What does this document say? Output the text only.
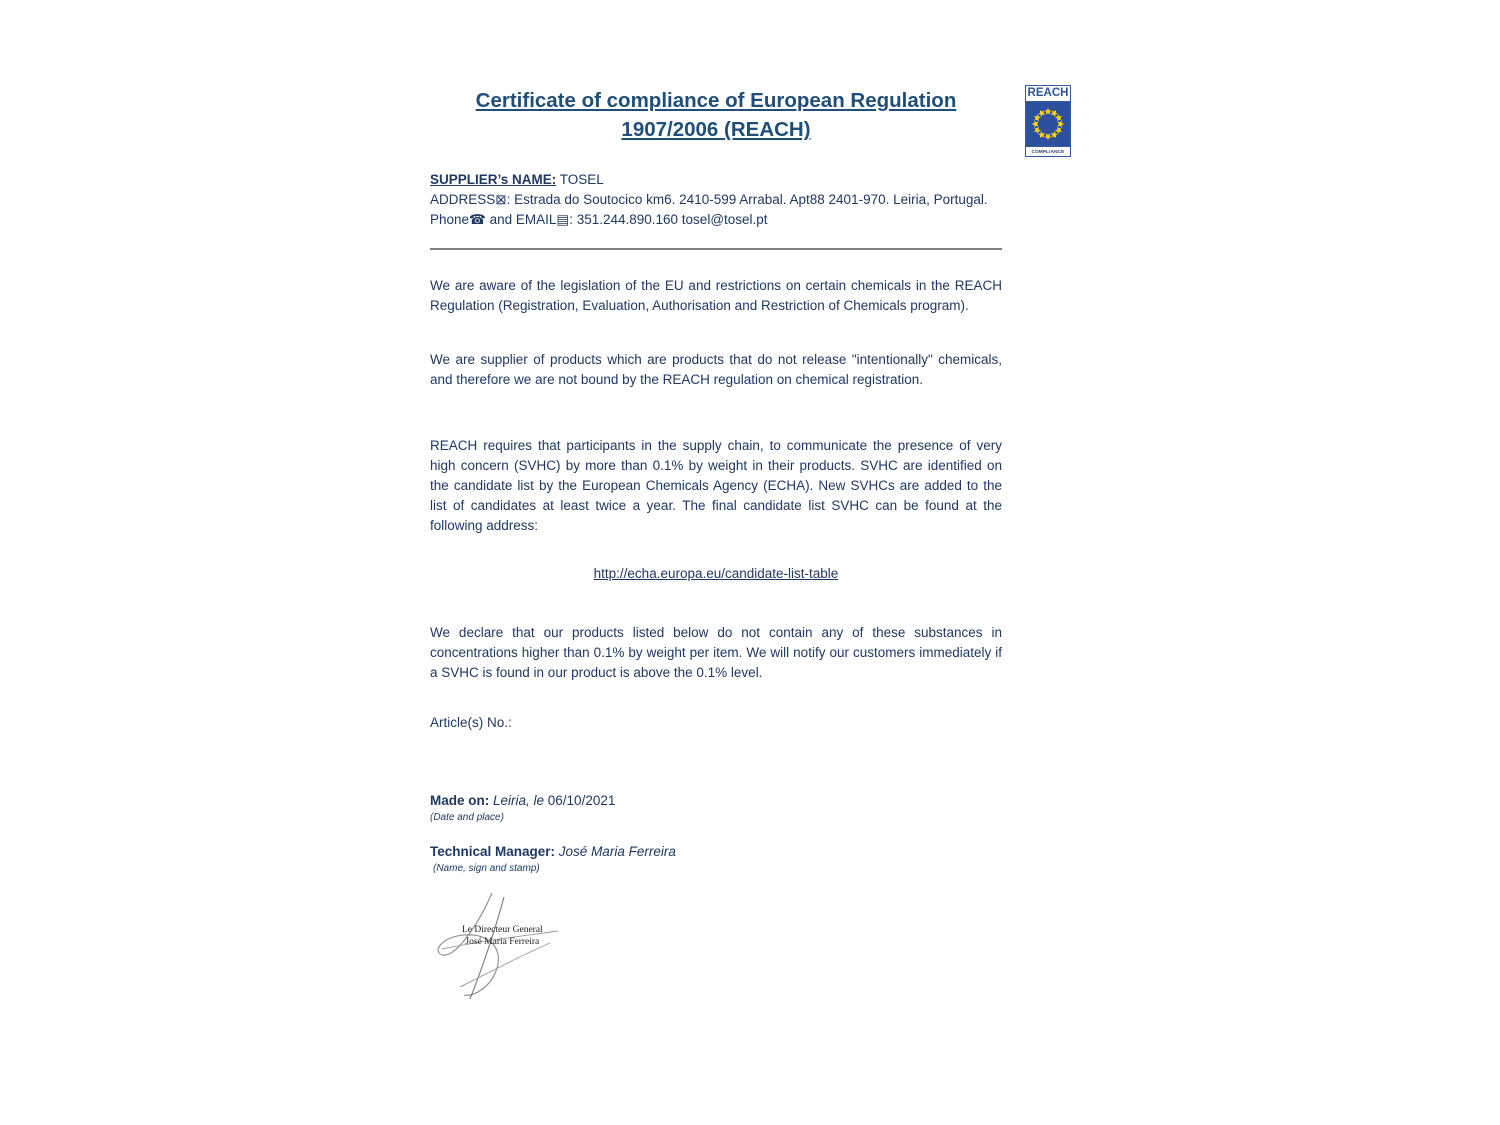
REACH
COMPLIANCE
Certificate of compliance of European Regulation
1907/2006 (REACH)
SUPPLIER’s NAME: TOSEL
ADDRESS⊠: Estrada do Soutocico km6. 2410-599 Arrabal. Apt88 2401-970. Leiria, Portugal.
Phone☎ and EMAIL▤: 351.244.890.160 tosel@tosel.pt

We are aware of the legislation of the EU and restrictions on certain chemicals in the REACH Regulation (Registration, Evaluation, Authorisation and Restriction of Chemicals program).

We are supplier of products which are products that do not release "intentionally" chemicals, and therefore we are not bound by the REACH regulation on chemical registration.

REACH requires that participants in the supply chain, to communicate the presence of very high concern (SVHC) by more than 0.1% by weight in their products. SVHC are identified on the candidate list by the European Chemicals Agency (ECHA). New SVHCs are added to the list of candidates at least twice a year. The final candidate list SVHC can be found at the following address:

http://echa.europa.eu/candidate-list-table

We declare that our products listed below do not contain any of these substances in concentrations higher than 0.1% by weight per item. We will notify our customers immediately if a SVHC is found in our product is above the 0.1% level.

Article(s) No.:
Made on: Leiria, le 06/10/2021
(Date and place)
Technical Manager: José Maria Ferreira
(Name, sign and stamp)
Le Directeur General
José Maria Ferreira
